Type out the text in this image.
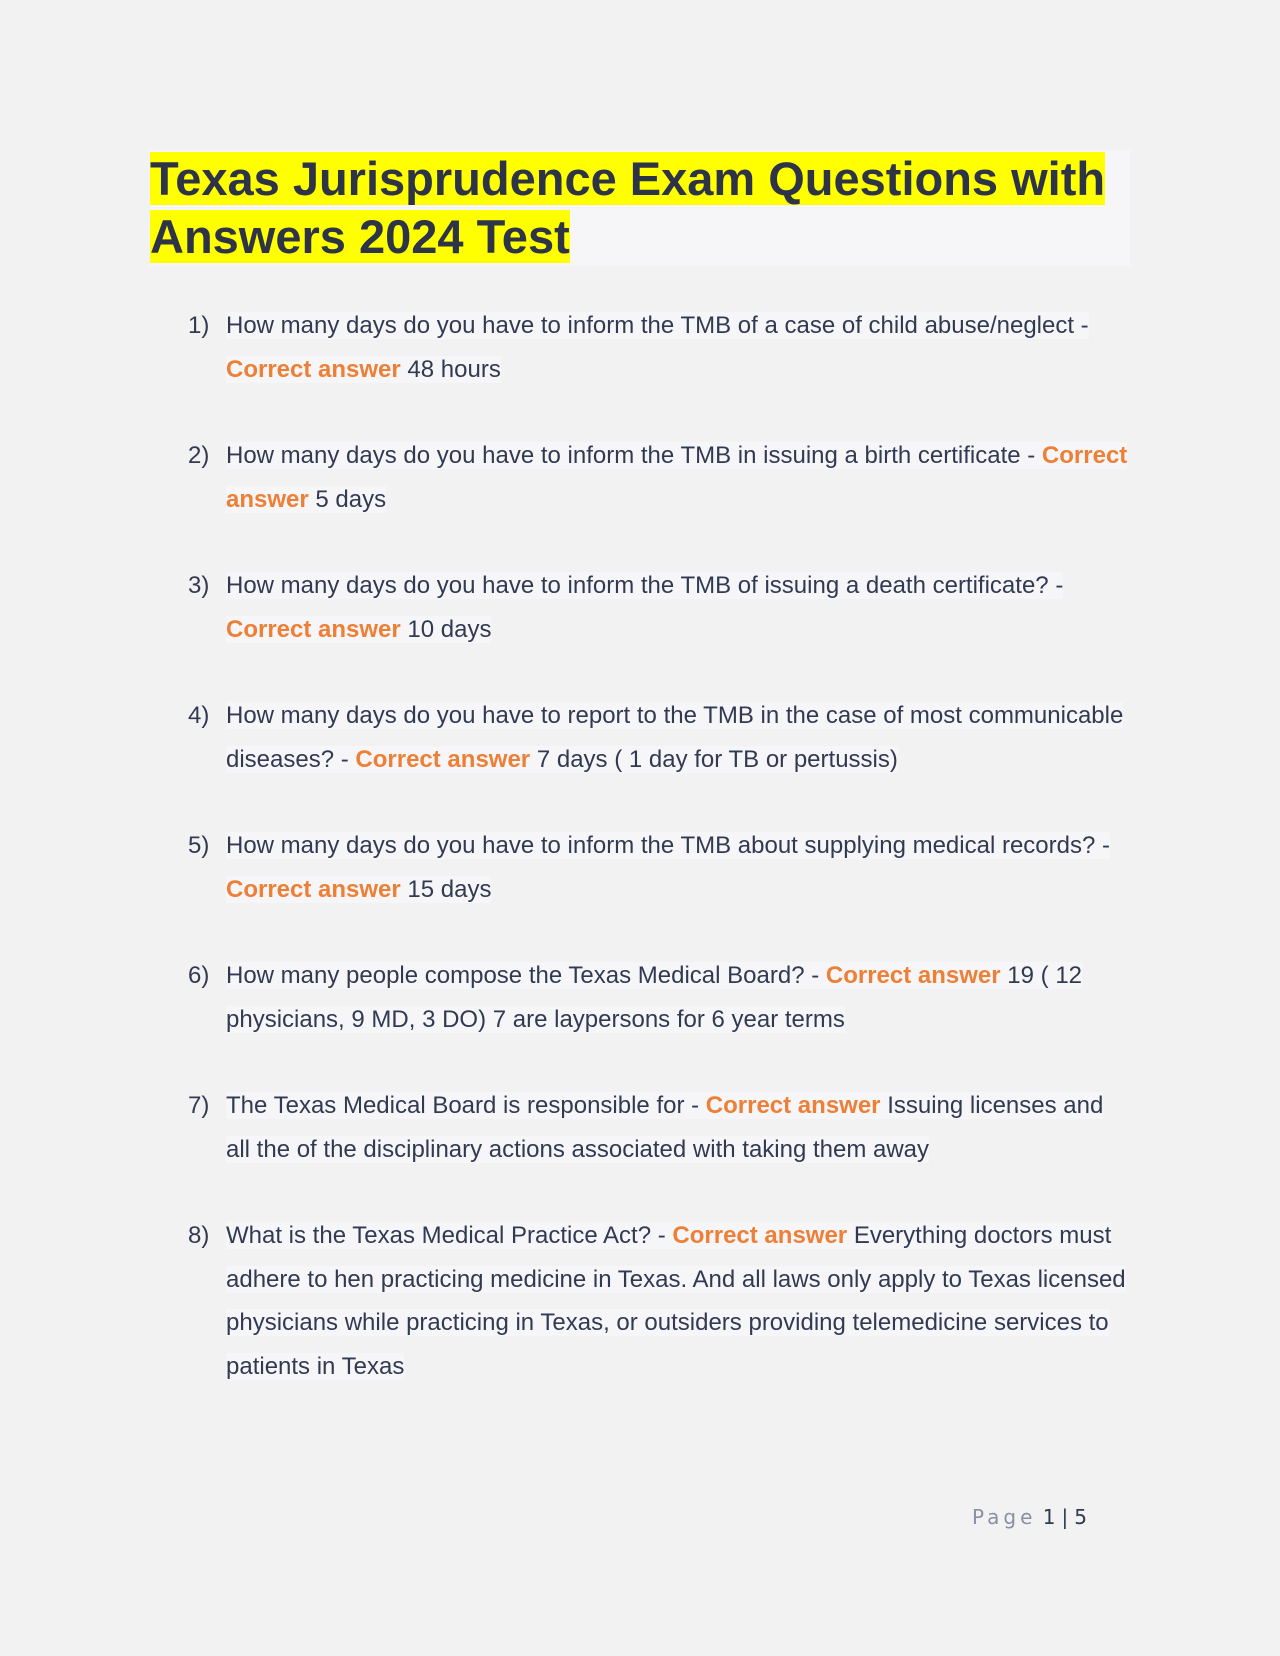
Texas Jurisprudence Exam Questions with Answers 2024 Test
1) How many days do you have to inform the TMB of a case of child abuse/neglect - Correct answer 48 hours
2) How many days do you have to inform the TMB in issuing a birth certificate - Correct answer 5 days
3) How many days do you have to inform the TMB of issuing a death certificate? - Correct answer 10 days
4) How many days do you have to report to the TMB in the case of most communicable diseases? - Correct answer 7 days ( 1 day for TB or pertussis)
5) How many days do you have to inform the TMB about supplying medical records? - Correct answer 15 days
6) How many people compose the Texas Medical Board? - Correct answer 19 ( 12 physicians, 9 MD, 3 DO) 7 are laypersons for 6 year terms
7) The Texas Medical Board is responsible for - Correct answer Issuing licenses and all the of the disciplinary actions associated with taking them away
8) What is the Texas Medical Practice Act? - Correct answer Everything doctors must adhere to hen practicing medicine in Texas. And all laws only apply to Texas licensed physicians while practicing in Texas, or outsiders providing telemedicine services to patients in Texas
Page 1 | 5
